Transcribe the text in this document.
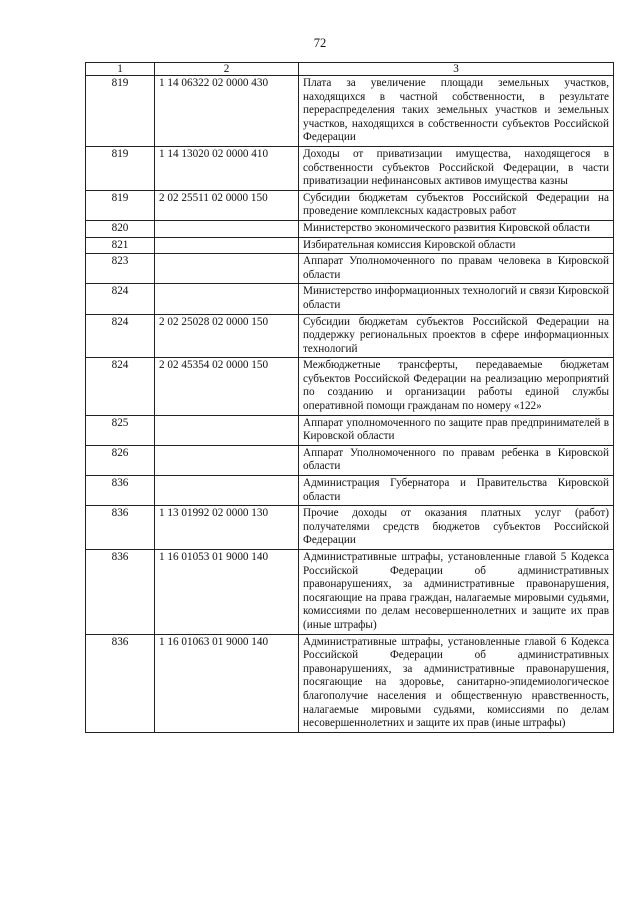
72
1	2	3
819	1 14 06322 02 0000 430	Плата за увеличение площади земельных участков, находящихся в частной собственности, в результате перераспределения таких земельных участков и земельных участков, находящихся в собственности субъектов Российской Федерации
819	1 14 13020 02 0000 410	Доходы от приватизации имущества, находящегося в собственности субъектов Российской Федерации, в части приватизации нефинансовых активов имущества казны
819	2 02 25511 02 0000 150	Субсидии бюджетам субъектов Российской Федерации на проведение комплексных кадастровых работ
820		Министерство экономического развития Кировской области
821		Избирательная комиссия Кировской области
823		Аппарат Уполномоченного по правам человека в Кировской области
824		Министерство информационных технологий и связи Кировской области
824	2 02 25028 02 0000 150	Субсидии бюджетам субъектов Российской Федерации на поддержку региональных проектов в сфере информационных технологий
824	2 02 45354 02 0000 150	Межбюджетные трансферты, передаваемые бюджетам субъектов Российской Федерации на реализацию мероприятий по созданию и организации работы единой службы оперативной помощи гражданам по номеру «122»
825		Аппарат уполномоченного по защите прав предпринимателей в Кировской области
826		Аппарат Уполномоченного по правам ребенка в Кировской области
836		Администрация Губернатора и Правительства Кировской области
836	1 13 01992 02 0000 130	Прочие доходы от оказания платных услуг (работ) получателями средств бюджетов субъектов Российской Федерации
836	1 16 01053 01 9000 140	Административные штрафы, установленные главой 5 Кодекса Российской Федерации об административных правонарушениях, за административные правонарушения, посягающие на права граждан, налагаемые мировыми судьями, комиссиями по делам несовершеннолетних и защите их прав (иные штрафы)
836	1 16 01063 01 9000 140	Административные штрафы, установленные главой 6 Кодекса Российской Федерации об административных правонарушениях, за административные правонарушения, посягающие на здоровье, санитарно-эпидемиологическое благополучие населения и общественную нравственность, налагаемые мировыми судьями, комиссиями по делам несовершеннолетних и защите их прав (иные штрафы)
